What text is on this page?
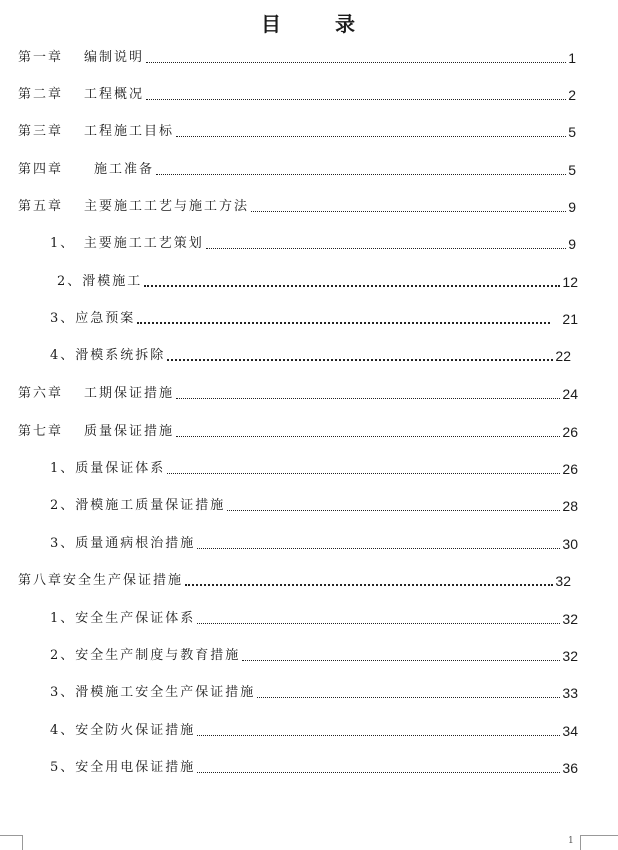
目	录
第一章 编制说明	1
第二章 工程概况	2
第三章 工程施工目标	5
第四章 施工准备	5
第五章 主要施工工艺与施工方法	9
1、　主要施工工艺策划	9
2、滑模施工	12
3、应急预案	21
4、滑模系统拆除	22
第六章 工期保证措施	24
第七章 质量保证措施	26
1、质量保证体系	26
2、滑模施工质量保证措施	28
3、质量通病根治措施	30
第八章安全生产保证措施	32
1、安全生产保证体系	32
2、安全生产制度与教育措施	32
3、滑模施工安全生产保证措施	33
4、安全防火保证措施	34
5、安全用电保证措施	36
1
